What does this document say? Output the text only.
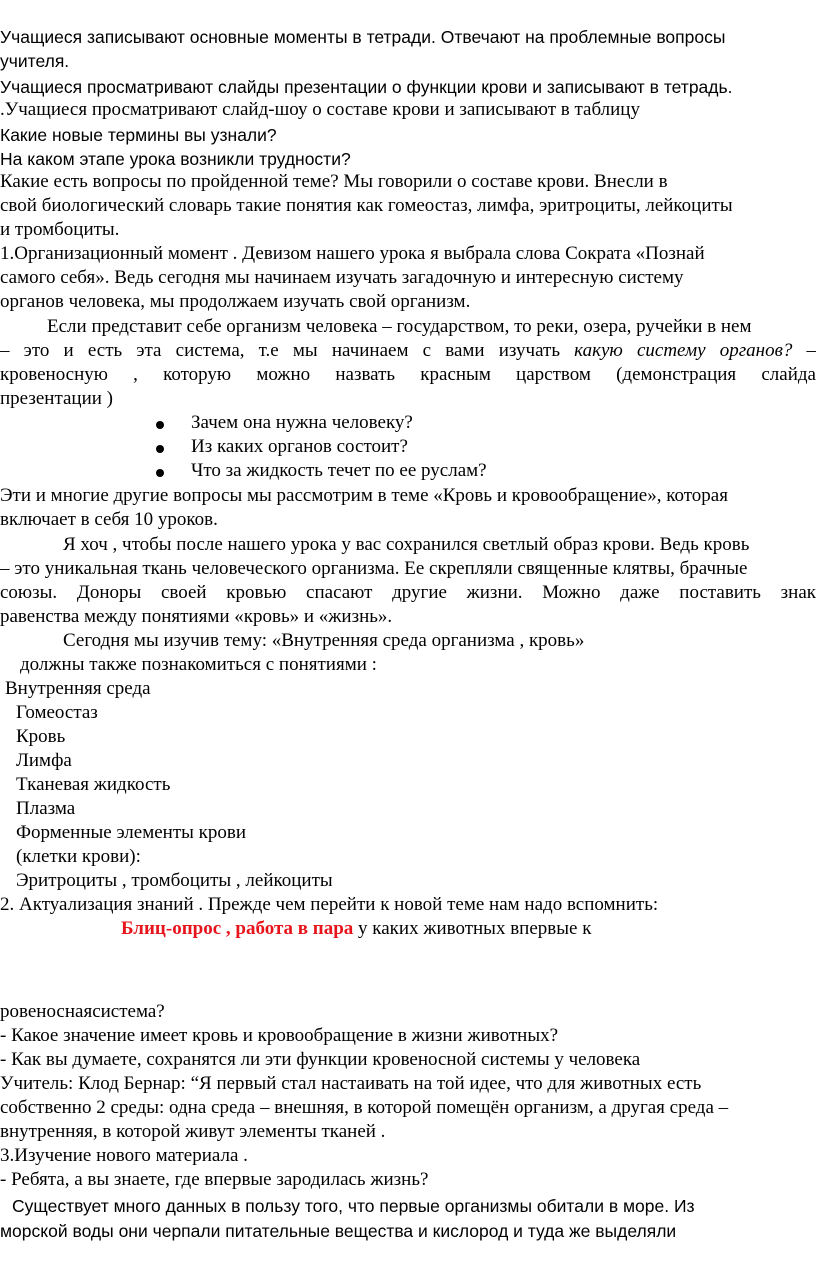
Учащиеся записывают основные моменты в тетради. Отвечают на проблемные вопросы
учителя.
Учащиеся просматривают слайды презентации о функции крови и записывают в тетрадь.
.Учащиеся просматривают слайд-шоу о составе крови и записывают в таблицу
Какие новые термины вы узнали?
На каком этапе урока возникли трудности?
Какие есть вопросы по пройденной теме? Мы говорили о составе крови. Внесли в
свой биологический словарь такие понятия как гомеостаз, лимфа, эритроциты, лейкоциты
и тромбоциты.
1.Организационный момент . Девизом нашего урока я выбрала слова Сократа «Познай
самого себя». Ведь сегодня мы начинаем изучать загадочную и интересную систему
органов человека, мы продолжаем изучать свой организм.
Если представит себе организм человека – государством, то реки, озера, ручейки в нем
– это и есть эта система, т.е мы начинаем с вами изучать какую систему органов? –
кровеносную , которую можно назвать красным царством (демонстрация слайда
презентации )
Зачем она нужна человеку?
Из каких органов состоит?
Что за жидкость течет по ее руслам?
Эти и многие другие вопросы мы рассмотрим в теме «Кровь и кровообращение», которая
включает в себя 10 уроков.
Я хоч , чтобы после нашего урока у вас сохранился светлый образ крови. Ведь кровь
– это уникальная ткань человеческого организма. Ее скрепляли священные клятвы, брачные
союзы. Доноры своей кровью спасают другие жизни. Можно даже поставить знак
равенства между понятиями «кровь» и «жизнь».
Сегодня мы изучив тему: «Внутренняя среда организма , кровь»
должны также познакомиться с понятиями :
Внутренняя среда
Гомеостаз
Кровь
Лимфа
Тканевая жидкость
Плазма
Форменные элементы крови
(клетки крови):
Эритроциты , тромбоциты , лейкоциты
2. Актуализация знаний . Прежде чем перейти к новой теме нам надо вспомнить:
Блиц-опрос , работа в пара у каких животных впервые к
ровеноснаясистема?
- Какое значение имеет кровь и кровообращение в жизни животных?
- Как вы думаете, сохранятся ли эти функции кровеносной системы у человека
Учитель: Клод Бернар: “Я первый стал настаивать на той идее, что для животных есть
собственно 2 среды: одна среда – внешняя, в которой помещён организм, а другая среда –
внутренняя, в которой живут элементы тканей .
3.Изучение нового материала .
- Ребята, а вы знаете, где впервые зародилась жизнь?
Существует много данных в пользу того, что первые организмы обитали в море. Из
морской воды они черпали питательные вещества и кислород и туда же выделяли
